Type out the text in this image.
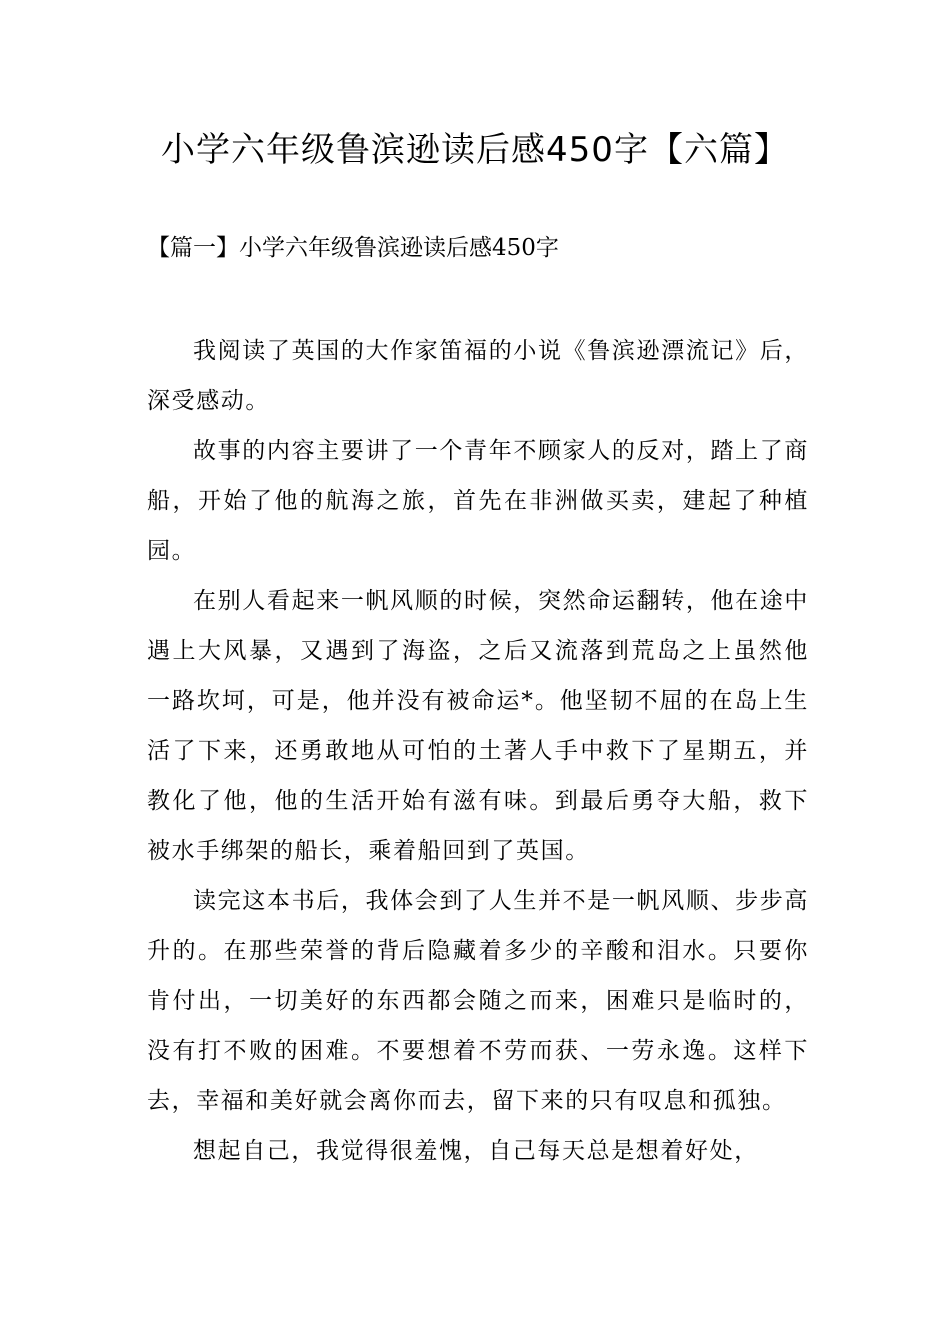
小学六年级鲁滨逊读后感450字【六篇】
【篇一】小学六年级鲁滨逊读后感450字

我阅读了英国的大作家笛福的小说《鲁滨逊漂流记》后，深受感动。

故事的内容主要讲了一个青年不顾家人的反对，踏上了商船，开始了他的航海之旅，首先在非洲做买卖，建起了种植园。

在别人看起来一帆风顺的时候，突然命运翻转，他在途中遇上大风暴，又遇到了海盗，之后又流落到荒岛之上虽然他一路坎坷，可是，他并没有被命运*。他坚韧不屈的在岛上生活了下来，还勇敢地从可怕的土著人手中救下了星期五，并教化了他，他的生活开始有滋有味。到最后勇夺大船，救下被水手绑架的船长，乘着船回到了英国。

读完这本书后，我体会到了人生并不是一帆风顺、步步高升的。在那些荣誉的背后隐藏着多少的辛酸和泪水。只要你肯付出，一切美好的东西都会随之而来，困难只是临时的，没有打不败的困难。不要想着不劳而获、一劳永逸。这样下去，幸福和美好就会离你而去，留下来的只有叹息和孤独。

想起自己，我觉得很羞愧，自己每天总是想着好处，
